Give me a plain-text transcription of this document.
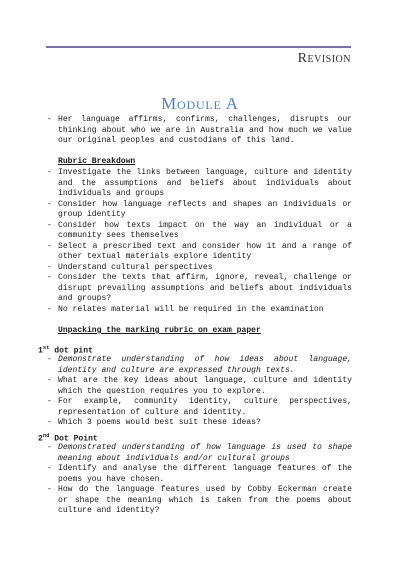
Revision
Module A
- Her language affirms, confirms, challenges, disrupts our thinking about who we are in Australia and how much we value our original peoples and custodians of this land.
Rubric Breakdown
- Investigate the links between language, culture and identity and the assumptions and beliefs about individuals about individuals and groups
- Consider how language reflects and shapes an individuals or group identity
- Consider how texts impact on the way an individual or a community sees themselves
- Select a prescribed text and consider how it and a range of other textual materials explore identity
- Understand cultural perspectives
- Consider the texts that affirm, ignore, reveal, challenge or disrupt prevailing assumptions and beliefs about individuals and groups?
- No relates material will be required in the examination
Unpacking the marking rubric on exam paper
1st dot pint
- Demonstrate understanding of how ideas about language, identity and culture are expressed through texts.
- What are the key ideas about language, culture and identity which the question requires you to explore.
- For example, community identity, culture perspectives, representation of culture and identity.
- Which 3 poems would best suit these ideas?
2nd Dot Point
- Demonstrated understanding of how language is used to shape meaning about individuals and/or cultural groups
- Identify and analyse the different language features of the poems you have chosen.
- How do the language features used by Cobby Eckerman create or shape the meaning which is taken from the poems about culture and identity?
